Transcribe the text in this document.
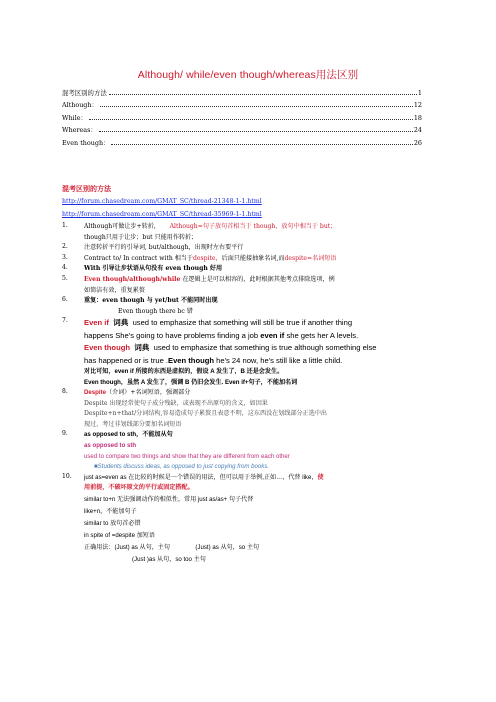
Although/ while/even though/whereas用法区别
混考区别的方法	1
Although：	12
While：	18
Whereas：	24
Even though：	26
混考区别的方法
http://forum.chasedream.com/GMAT_SC/thread-21348-1-1.html
http://forum.chasedream.com/GMAT_SC/thread-35969-1-1.html
1.	Although可做让步+转折， Although=句子放句首相当于 though，放句中相当于 but；
though只用于让步；but 只能用作转折；
2.	注意转折平行的引导词, but/although，出现时左右要平行
3.	Contract to/ In contract with 相当于despite，后面只能接抽象名词,而despite=名词短语
4.	With 引导让步状语从句没有 even though 好用
5.	Even though/although/while 在逻辑上是可以相容的，此时根据其他考点排除选项，例
如简洁有效，重复累赘
6.	重复：even though 与 yet/but 不能同时出现
Even though there bc 错
7.	Even if 词典 used to emphasize that something will still be true if another thing
happens She's going to have problems finding a job even if she gets her A levels.
Even though 词典 used to emphasize that something is true although something else
has happened or is true .Even though he's 24 now, he's still like a little child.
对比可知，even if 所接的东西是虚拟的，假设 A 发生了，B 还是会发生。
Even though，虽然 A 发生了，强调 B 仍旧会发生. Even if+句子，不能加名词
8.	Despite（介词）+名词短语，强调部分
Despite 出现经常使句子成分残缺，或表现不出原句的含义，如因果
Despite+n+that/分词结构,容易造成句子累赘且表意不明，这东西没在划线部分正选中出
现过，考过非划线部分要加名词短语
9.	as opposed to sth，不能加从句
as opposed to sth
used to compare two things and show that they are different from each other
■Students discuss ideas, as opposed to just copying from books.
10.	just as=even as 在比较的时候是一个错误的用法，但可以用于举例,正如…，代替 like，使
用前提，不破坏原文的平行或固定搭配。
similar to+n 无法强调动作的相似性，常用 just as/as+ 句子代替
like+n，不能加句子
similar to 放句首必错
in spite of =despite 加短语
正确用法：(Just) as 从句，主句	(Just) as 从句，so 主句
(Just )as 从句，so too 主句
